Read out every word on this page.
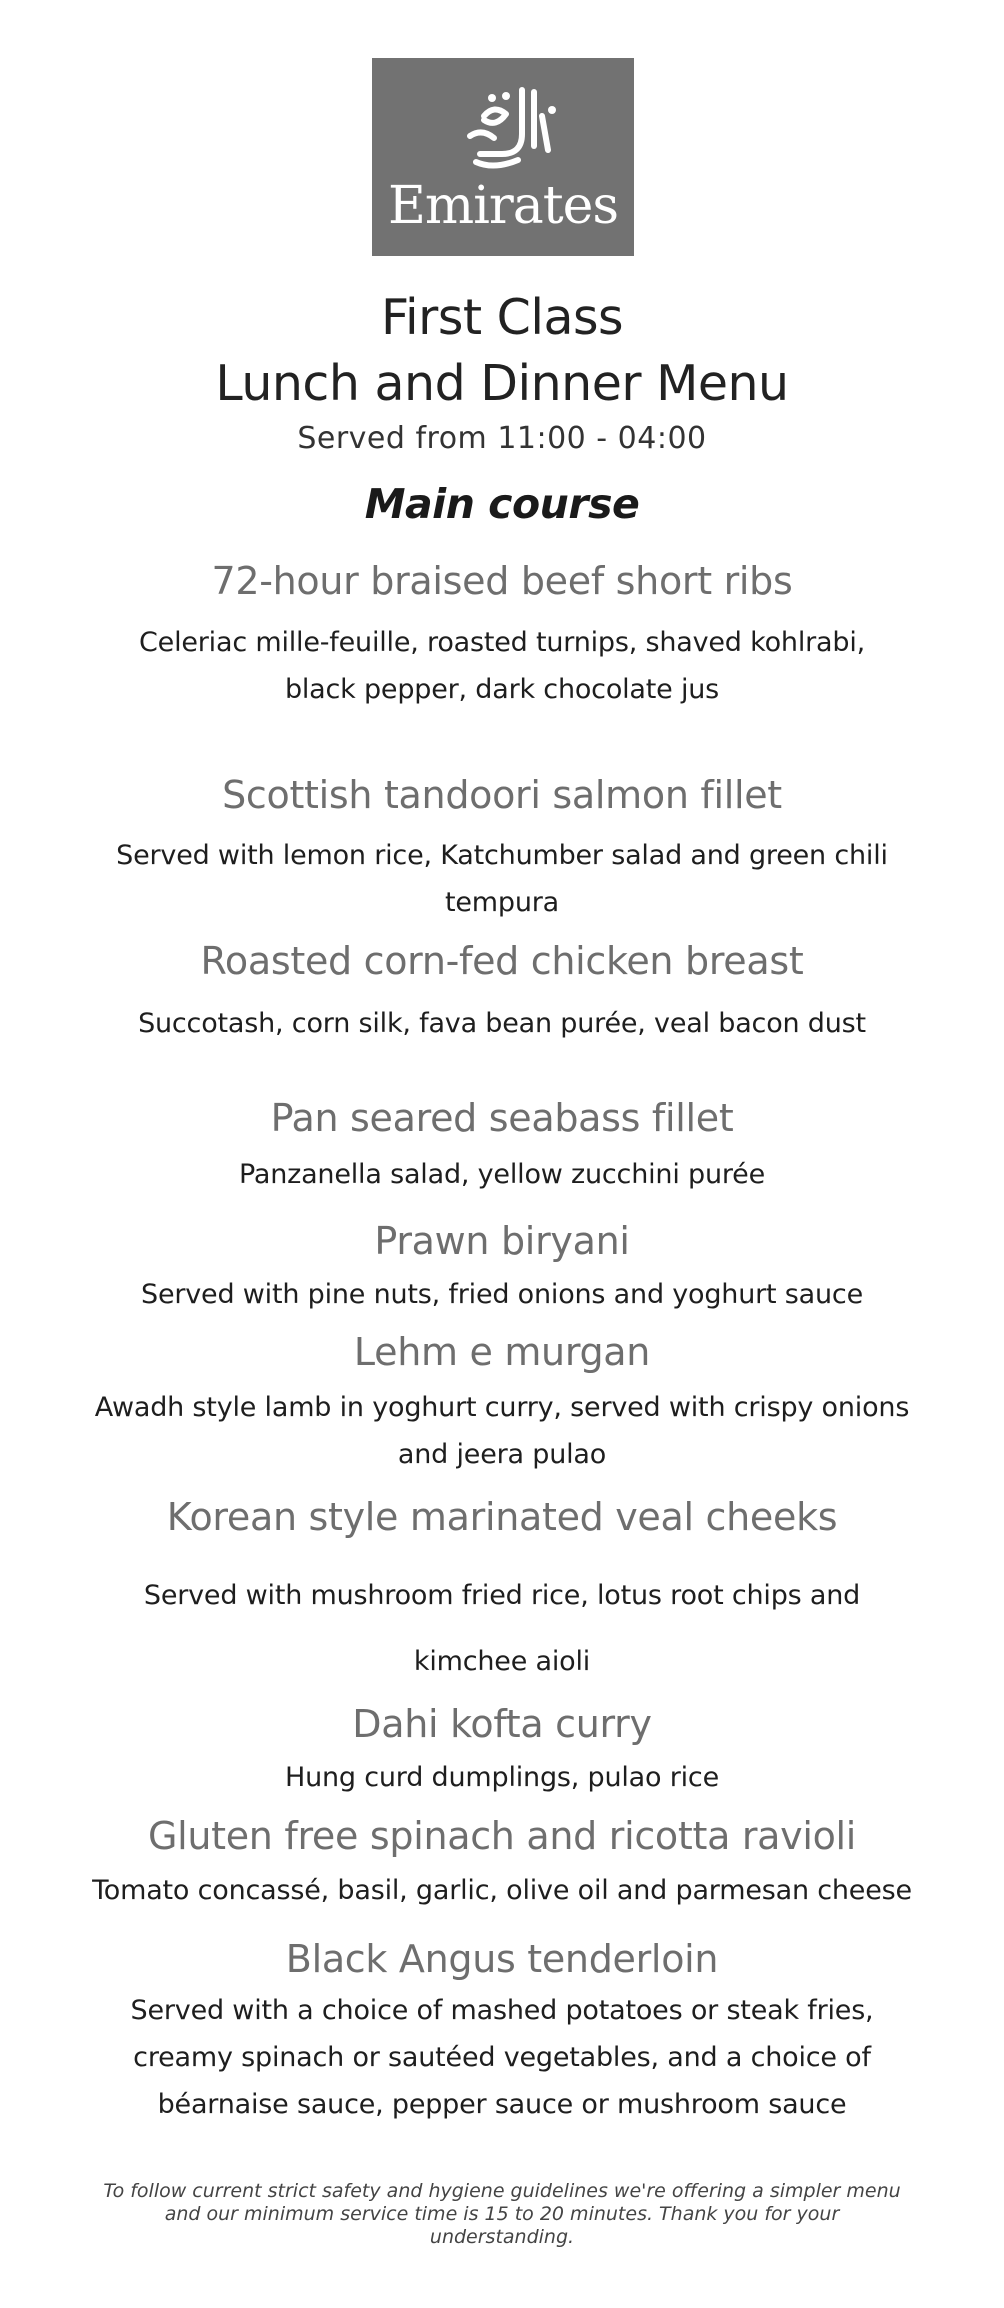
Emirates
First Class
Lunch and Dinner Menu
Served from 11:00 - 04:00
Main course
72-hour braised beef short ribs
Celeriac mille-feuille, roasted turnips, shaved kohlrabi, black pepper, dark chocolate jus
Scottish tandoori salmon fillet
Served with lemon rice, Katchumber salad and green chili tempura
Roasted corn-fed chicken breast
Succotash, corn silk, fava bean purée, veal bacon dust
Pan seared seabass fillet
Panzanella salad, yellow zucchini purée
Prawn biryani
Served with pine nuts, fried onions and yoghurt sauce
Lehm e murgan
Awadh style lamb in yoghurt curry, served with crispy onions and jeera pulao
Korean style marinated veal cheeks
Served with mushroom fried rice, lotus root chips and kimchee aioli
Dahi kofta curry
Hung curd dumplings, pulao rice
Gluten free spinach and ricotta ravioli
Tomato concassé, basil, garlic, olive oil and parmesan cheese
Black Angus tenderloin
Served with a choice of mashed potatoes or steak fries, creamy spinach or sautéed vegetables, and a choice of béarnaise sauce, pepper sauce or mushroom sauce
To follow current strict safety and hygiene guidelines we're offering a simpler menu and our minimum service time is 15 to 20 minutes. Thank you for your understanding.
